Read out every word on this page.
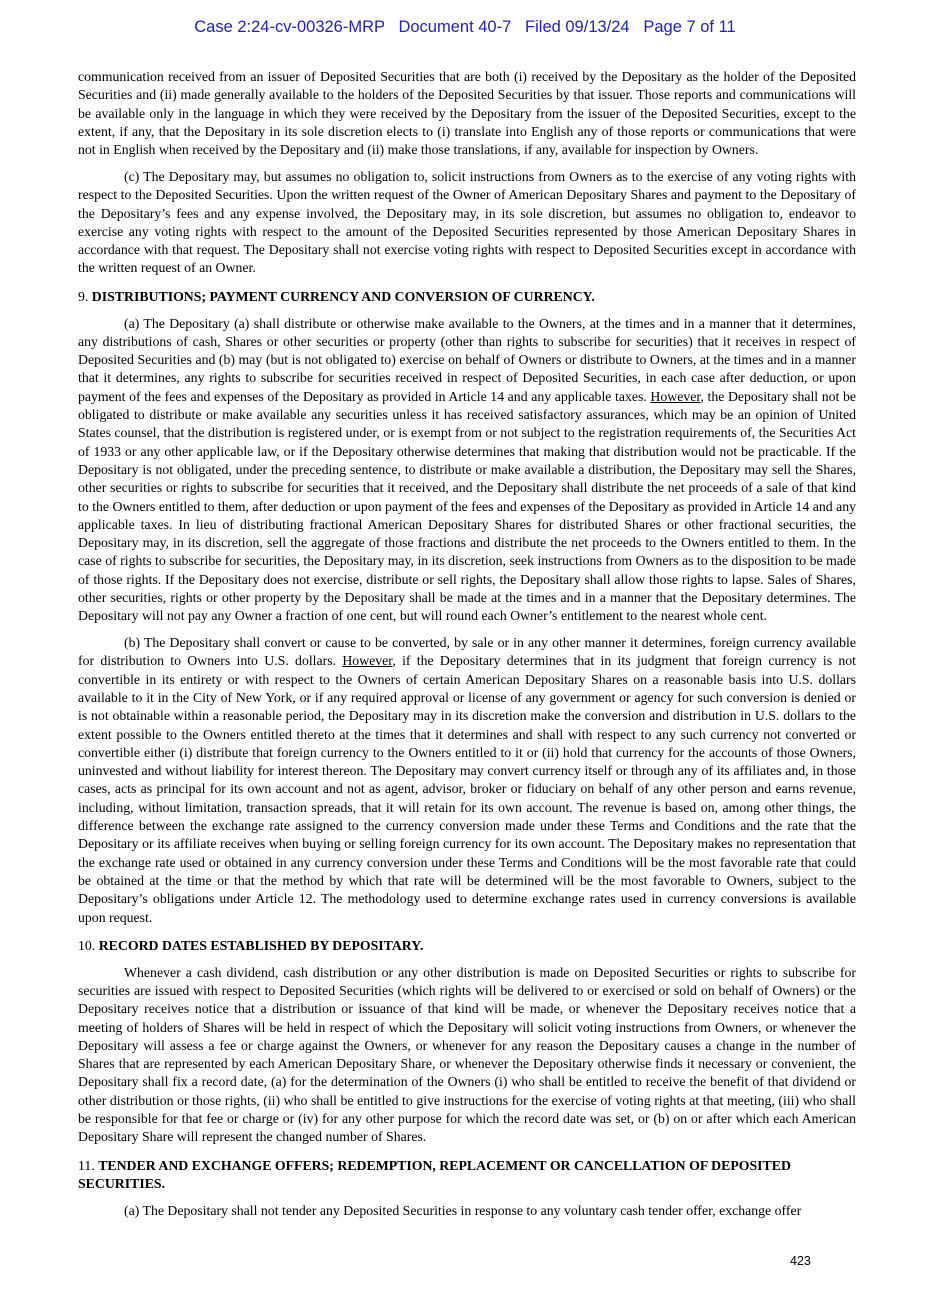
Case 2:24-cv-00326-MRP   Document 40-7   Filed 09/13/24   Page 7 of 11

communication received from an issuer of Deposited Securities that are both (i) received by the Depositary as the holder of the Deposited Securities and (ii) made generally available to the holders of the Deposited Securities by that issuer. Those reports and communications will be available only in the language in which they were received by the Depositary from the issuer of the Deposited Securities, except to the extent, if any, that the Depositary in its sole discretion elects to (i) translate into English any of those reports or communications that were not in English when received by the Depositary and (ii) make those translations, if any, available for inspection by Owners.

(c) The Depositary may, but assumes no obligation to, solicit instructions from Owners as to the exercise of any voting rights with respect to the Deposited Securities. Upon the written request of the Owner of American Depositary Shares and payment to the Depositary of the Depositary’s fees and any expense involved, the Depositary may, in its sole discretion, but assumes no obligation to, endeavor to exercise any voting rights with respect to the amount of the Deposited Securities represented by those American Depositary Shares in accordance with that request. The Depositary shall not exercise voting rights with respect to Deposited Securities except in accordance with the written request of an Owner.

9. DISTRIBUTIONS; PAYMENT CURRENCY AND CONVERSION OF CURRENCY.

(a) The Depositary (a) shall distribute or otherwise make available to the Owners, at the times and in a manner that it determines, any distributions of cash, Shares or other securities or property (other than rights to subscribe for securities) that it receives in respect of Deposited Securities and (b) may (but is not obligated to) exercise on behalf of Owners or distribute to Owners, at the times and in a manner that it determines, any rights to subscribe for securities received in respect of Deposited Securities, in each case after deduction, or upon payment of the fees and expenses of the Depositary as provided in Article 14 and any applicable taxes. However, the Depositary shall not be obligated to distribute or make available any securities unless it has received satisfactory assurances, which may be an opinion of United States counsel, that the distribution is registered under, or is exempt from or not subject to the registration requirements of, the Securities Act of 1933 or any other applicable law, or if the Depositary otherwise determines that making that distribution would not be practicable. If the Depositary is not obligated, under the preceding sentence, to distribute or make available a distribution, the Depositary may sell the Shares, other securities or rights to subscribe for securities that it received, and the Depositary shall distribute the net proceeds of a sale of that kind to the Owners entitled to them, after deduction or upon payment of the fees and expenses of the Depositary as provided in Article 14 and any applicable taxes. In lieu of distributing fractional American Depositary Shares for distributed Shares or other fractional securities, the Depositary may, in its discretion, sell the aggregate of those fractions and distribute the net proceeds to the Owners entitled to them. In the case of rights to subscribe for securities, the Depositary may, in its discretion, seek instructions from Owners as to the disposition to be made of those rights. If the Depositary does not exercise, distribute or sell rights, the Depositary shall allow those rights to lapse. Sales of Shares, other securities, rights or other property by the Depositary shall be made at the times and in a manner that the Depositary determines. The Depositary will not pay any Owner a fraction of one cent, but will round each Owner’s entitlement to the nearest whole cent.

(b) The Depositary shall convert or cause to be converted, by sale or in any other manner it determines, foreign currency available for distribution to Owners into U.S. dollars. However, if the Depositary determines that in its judgment that foreign currency is not convertible in its entirety or with respect to the Owners of certain American Depositary Shares on a reasonable basis into U.S. dollars available to it in the City of New York, or if any required approval or license of any government or agency for such conversion is denied or is not obtainable within a reasonable period, the Depositary may in its discretion make the conversion and distribution in U.S. dollars to the extent possible to the Owners entitled thereto at the times that it determines and shall with respect to any such currency not converted or convertible either (i) distribute that foreign currency to the Owners entitled to it or (ii) hold that currency for the accounts of those Owners, uninvested and without liability for interest thereon. The Depositary may convert currency itself or through any of its affiliates and, in those cases, acts as principal for its own account and not as agent, advisor, broker or fiduciary on behalf of any other person and earns revenue, including, without limitation, transaction spreads, that it will retain for its own account. The revenue is based on, among other things, the difference between the exchange rate assigned to the currency conversion made under these Terms and Conditions and the rate that the Depositary or its affiliate receives when buying or selling foreign currency for its own account. The Depositary makes no representation that the exchange rate used or obtained in any currency conversion under these Terms and Conditions will be the most favorable rate that could be obtained at the time or that the method by which that rate will be determined will be the most favorable to Owners, subject to the Depositary’s obligations under Article 12. The methodology used to determine exchange rates used in currency conversions is available upon request.

10. RECORD DATES ESTABLISHED BY DEPOSITARY.

Whenever a cash dividend, cash distribution or any other distribution is made on Deposited Securities or rights to subscribe for securities are issued with respect to Deposited Securities (which rights will be delivered to or exercised or sold on behalf of Owners) or the Depositary receives notice that a distribution or issuance of that kind will be made, or whenever the Depositary receives notice that a meeting of holders of Shares will be held in respect of which the Depositary will solicit voting instructions from Owners, or whenever the Depositary will assess a fee or charge against the Owners, or whenever for any reason the Depositary causes a change in the number of Shares that are represented by each American Depositary Share, or whenever the Depositary otherwise finds it necessary or convenient, the Depositary shall fix a record date, (a) for the determination of the Owners (i) who shall be entitled to receive the benefit of that dividend or other distribution or those rights, (ii) who shall be entitled to give instructions for the exercise of voting rights at that meeting, (iii) who shall be responsible for that fee or charge or (iv) for any other purpose for which the record date was set, or (b) on or after which each American Depositary Share will represent the changed number of Shares.

11. TENDER AND EXCHANGE OFFERS; REDEMPTION, REPLACEMENT OR CANCELLATION OF DEPOSITED SECURITIES.

(a) The Depositary shall not tender any Deposited Securities in response to any voluntary cash tender offer, exchange offer

423
